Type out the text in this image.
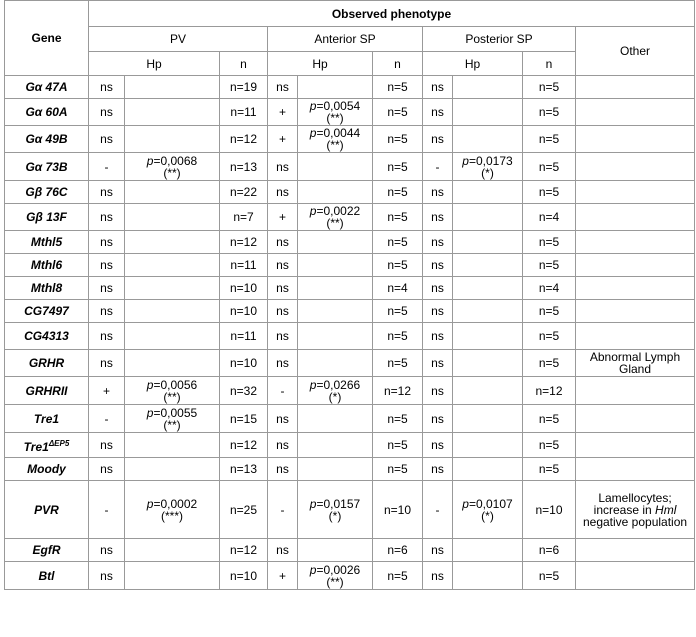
Gene	Observed phenotype									
	PV			Anterior SP			Posterior SP			Other
	Hp		n	Hp		n	Hp		n	
Gα 47A	ns		n=19	ns		n=5	ns		n=5	
Gα 60A	ns		n=11	+	p=0,0054
(**)	n=5	ns		n=5	
Gα 49B	ns		n=12	+	p=0,0044
(**)	n=5	ns		n=5	
Gα 73B	-	p=0,0068
(**)	n=13	ns		n=5	-	p=0,0173
(*)	n=5	
Gβ 76C	ns		n=22	ns		n=5	ns		n=5	
Gβ 13F	ns		n=7	+	p=0,0022
(**)	n=5	ns		n=4	
Mthl5	ns		n=12	ns		n=5	ns		n=5	
Mthl6	ns		n=11	ns		n=5	ns		n=5	
Mthl8	ns		n=10	ns		n=4	ns		n=4	
CG7497	ns		n=10	ns		n=5	ns		n=5	
CG4313	ns		n=11	ns		n=5	ns		n=5	
GRHR	ns		n=10	ns		n=5	ns		n=5	Abnormal Lymph Gland
GRHRII	+	p=0,0056
(**)	n=32	-	p=0,0266
(*)	n=12	ns		n=12	
Tre1	-	p=0,0055
(**)	n=15	ns		n=5	ns		n=5	
$Tre1^{\Delta EP5}$	ns		n=12	ns		n=5	ns		n=5	
Moody	ns		n=13	ns		n=5	ns		n=5	
PVR	-	p=0,0002
(***)	n=25	-	p=0,0157
(*)	n=10	-	p=0,0107
(*)	n=10	Lamellocytes; increase in Hml negative population
EgfR	ns		n=12	ns		n=6	ns		n=6	
Btl	ns		n=10	+	p=0,0026
(**)	n=5	ns		n=5	
